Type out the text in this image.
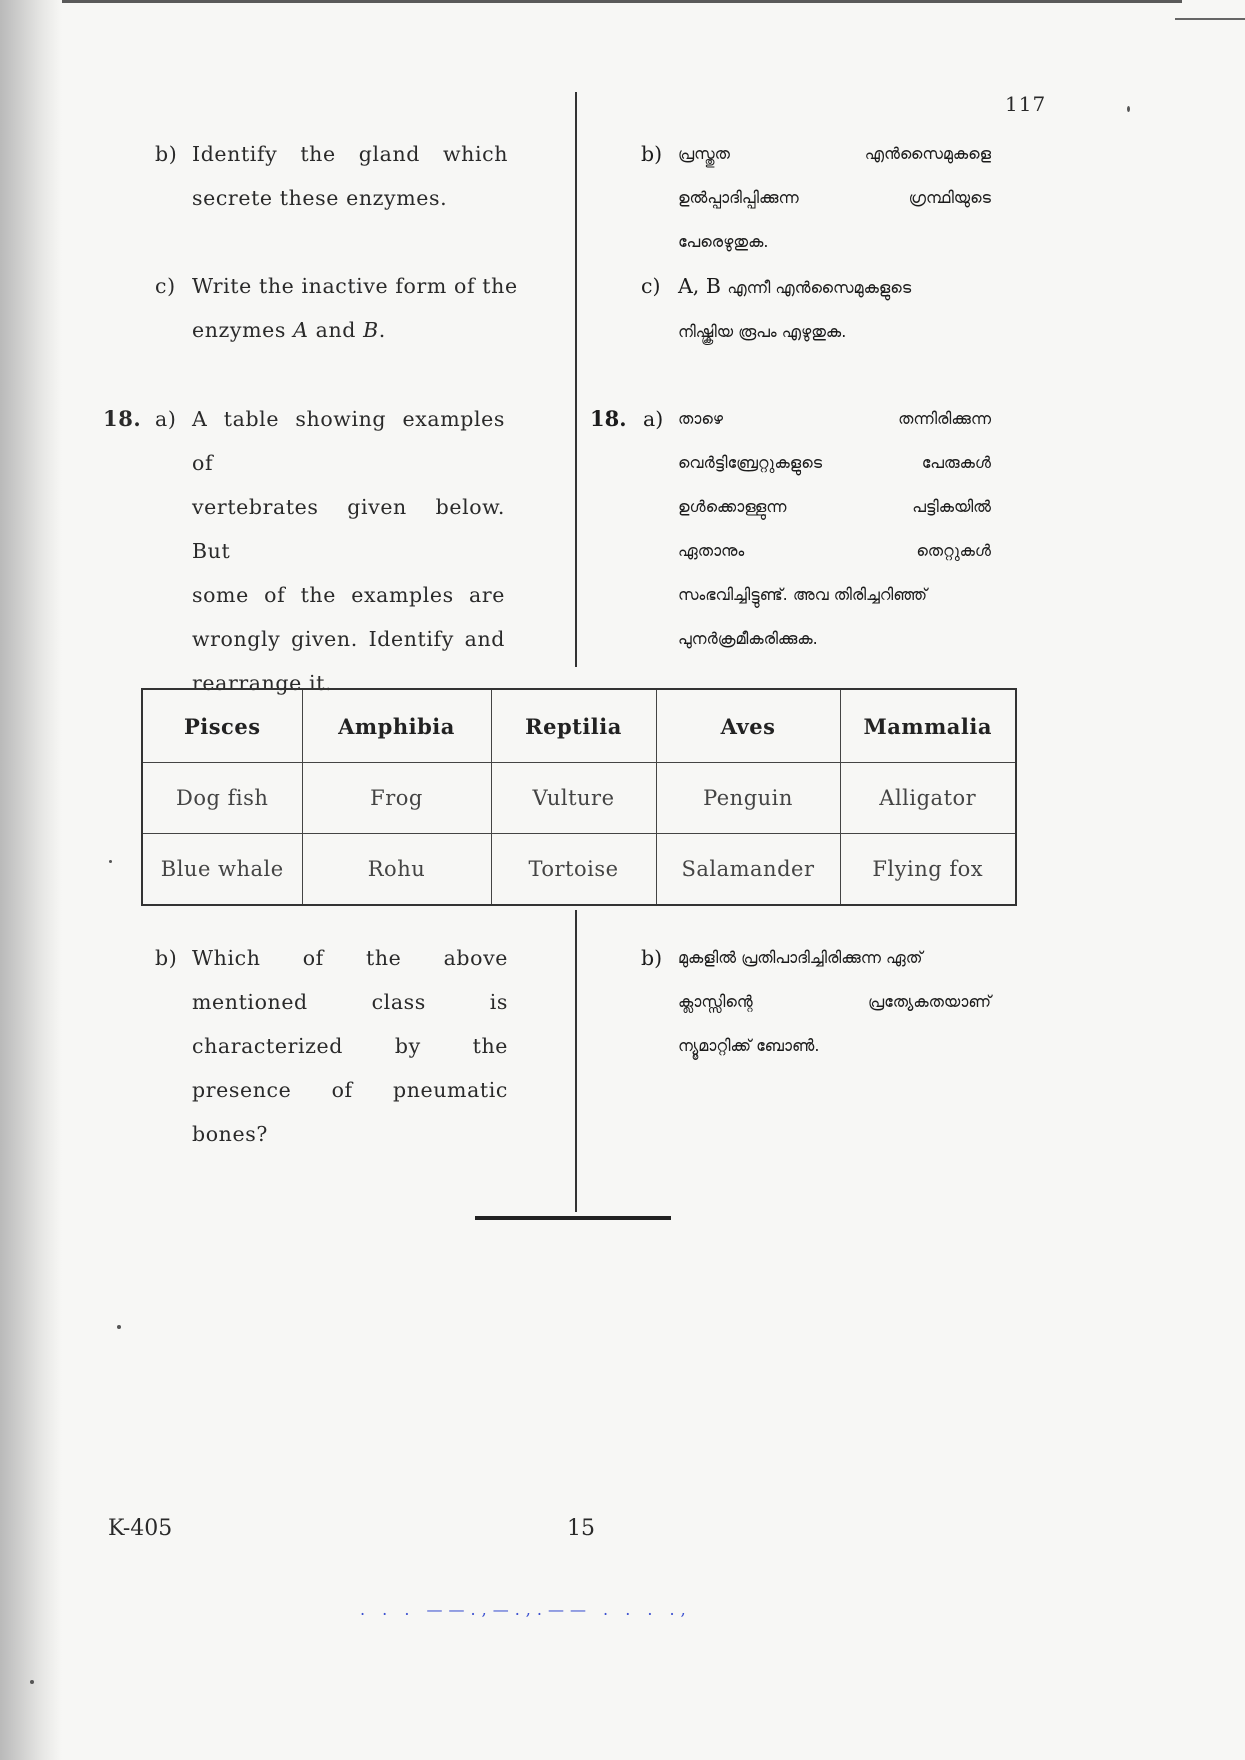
117
b) Identify the gland which
secrete these enzymes.
c) Write the inactive form of the
enzymes A and B.
b) പ്രസ്തുത എൻസൈമുകളെ
ഉൽപ്പാദിപ്പിക്കുന്ന ഗ്രന്ഥിയുടെ
പേരെഴുതുക.
c) A, B എന്നീ എൻസൈമുകളുടെ
നിഷ്ക്രിയ രൂപം എഴുതുക.
18. a) A table showing examples of
vertebrates given below. But
some of the examples are
wrongly given. Identify and
rearrange it.
18. a) താഴെ തന്നിരിക്കുന്ന
വെർട്ടിബ്രേറ്റുകളുടെ പേരുകൾ
ഉൾക്കൊള്ളുന്ന പട്ടികയിൽ
ഏതാനും തെറ്റുകൾ
സംഭവിച്ചിട്ടുണ്ട്. അവ തിരിച്ചറിഞ്ഞ്
പുനർക്രമീകരിക്കുക.
Pisces	Amphibia	Reptilia	Aves	Mammalia
Dog fish	Frog	Vulture	Penguin	Alligator
Blue whale	Rohu	Tortoise	Salamander	Flying fox
b) Which of the above
mentioned class is
characterized by the
presence of pneumatic
bones?
b) മുകളിൽ പ്രതിപാദിച്ചിരിക്കുന്ന ഏത്
ക്ലാസ്സിന്റെ പ്രത്യേകതയാണ്
ന്യൂമാറ്റിക്ക് ബോൺ.
K-405	15
. . . ——.,—.,.—— . . . .,
